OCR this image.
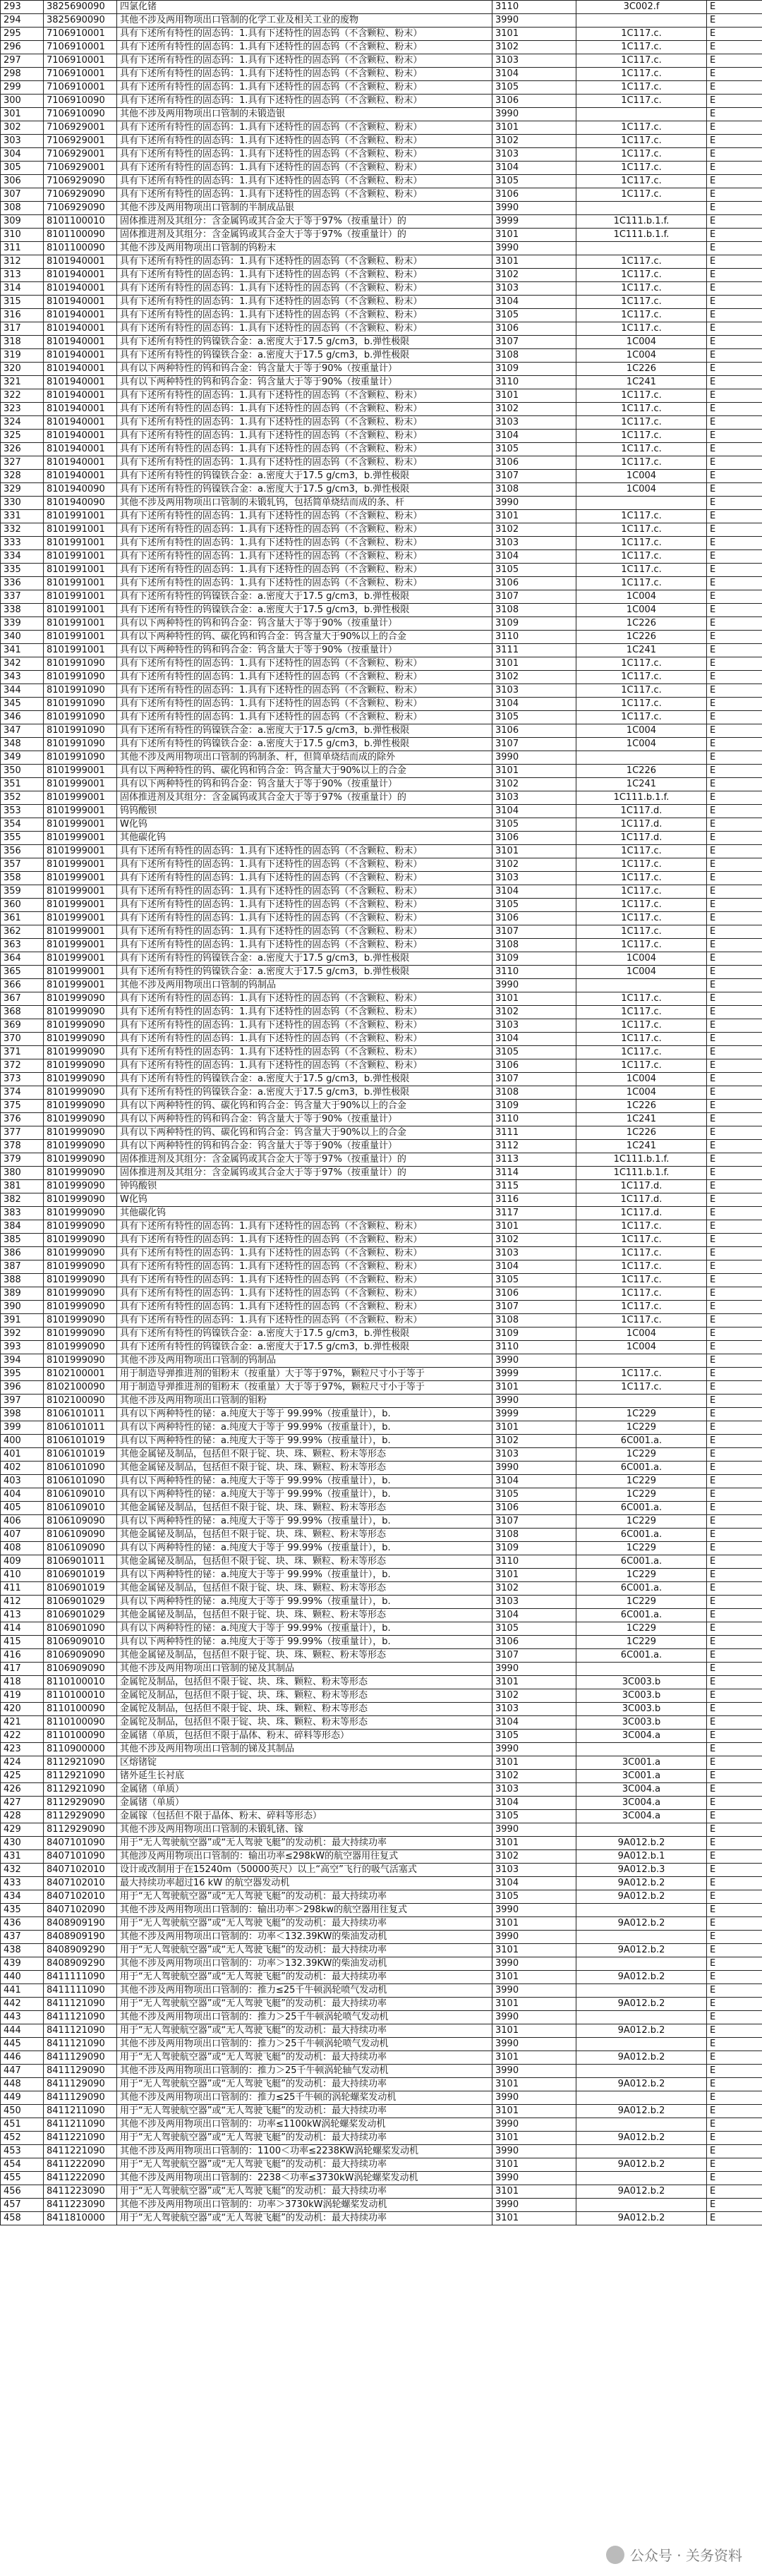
293	3825690090	四氯化锗	3110	3C002.f	E
294	3825690090	其他不涉及两用物项出口管制的化学工业及相关工业的废物	3990		E
295	7106910001	具有下述所有特性的固态钨：1.具有下述特性的固态钨（不含颗粒、粉末）	3101	1C117.c.	E
296	7106910001	具有下述所有特性的固态钨：1.具有下述特性的固态钨（不含颗粒、粉末）	3102	1C117.c.	E
297	7106910001	具有下述所有特性的固态钨：1.具有下述特性的固态钨（不含颗粒、粉末）	3103	1C117.c.	E
298	7106910001	具有下述所有特性的固态钨：1.具有下述特性的固态钨（不含颗粒、粉末）	3104	1C117.c.	E
299	7106910001	具有下述所有特性的固态钨：1.具有下述特性的固态钨（不含颗粒、粉末）	3105	1C117.c.	E
300	7106910090	具有下述所有特性的固态钨：1.具有下述特性的固态钨（不含颗粒、粉末）	3106	1C117.c.	E
301	7106910090	其他不涉及两用物项出口管制的未锻造银	3990		E
302	7106929001	具有下述所有特性的固态钨：1.具有下述特性的固态钨（不含颗粒、粉末）	3101	1C117.c.	E
303	7106929001	具有下述所有特性的固态钨：1.具有下述特性的固态钨（不含颗粒、粉末）	3102	1C117.c.	E
304	7106929001	具有下述所有特性的固态钨：1.具有下述特性的固态钨（不含颗粒、粉末）	3103	1C117.c.	E
305	7106929001	具有下述所有特性的固态钨：1.具有下述特性的固态钨（不含颗粒、粉末）	3104	1C117.c.	E
306	7106929090	具有下述所有特性的固态钨：1.具有下述特性的固态钨（不含颗粒、粉末）	3105	1C117.c.	E
307	7106929090	具有下述所有特性的固态钨：1.具有下述特性的固态钨（不含颗粒、粉末）	3106	1C117.c.	E
308	7106929090	其他不涉及两用物项出口管制的半制成品银	3990		E
309	8101100010	固体推进剂及其组分：含金属钨或其合金大于等于97%（按重量计）的	3999	1C111.b.1.f.	E
310	8101100090	固体推进剂及其组分：含金属钨或其合金大于等于97%（按重量计）的	3101	1C111.b.1.f.	E
311	8101100090	其他不涉及两用物项出口管制的钨粉末	3990		E
312	8101940001	具有下述所有特性的固态钨：1.具有下述特性的固态钨（不含颗粒、粉末）	3101	1C117.c.	E
313	8101940001	具有下述所有特性的固态钨：1.具有下述特性的固态钨（不含颗粒、粉末）	3102	1C117.c.	E
314	8101940001	具有下述所有特性的固态钨：1.具有下述特性的固态钨（不含颗粒、粉末）	3103	1C117.c.	E
315	8101940001	具有下述所有特性的固态钨：1.具有下述特性的固态钨（不含颗粒、粉末）	3104	1C117.c.	E
316	8101940001	具有下述所有特性的固态钨：1.具有下述特性的固态钨（不含颗粒、粉末）	3105	1C117.c.	E
317	8101940001	具有下述所有特性的固态钨：1.具有下述特性的固态钨（不含颗粒、粉末）	3106	1C117.c.	E
318	8101940001	具有下述所有特性的钨镍铁合金：a.密度大于17.5 g/cm3，b.弹性极限	3107	1C004	E
319	8101940001	具有下述所有特性的钨镍铁合金：a.密度大于17.5 g/cm3，b.弹性极限	3108	1C004	E
320	8101940001	具有以下两种特性的钨和钨合金：钨含量大于等于90%（按重量计）	3109	1C226	E
321	8101940001	具有以下两种特性的钨和钨合金：钨含量大于等于90%（按重量计）	3110	1C241	E
322	8101940001	具有下述所有特性的固态钨：1.具有下述特性的固态钨（不含颗粒、粉末）	3101	1C117.c.	E
323	8101940001	具有下述所有特性的固态钨：1.具有下述特性的固态钨（不含颗粒、粉末）	3102	1C117.c.	E
324	8101940001	具有下述所有特性的固态钨：1.具有下述特性的固态钨（不含颗粒、粉末）	3103	1C117.c.	E
325	8101940001	具有下述所有特性的固态钨：1.具有下述特性的固态钨（不含颗粒、粉末）	3104	1C117.c.	E
326	8101940001	具有下述所有特性的固态钨：1.具有下述特性的固态钨（不含颗粒、粉末）	3105	1C117.c.	E
327	8101940001	具有下述所有特性的固态钨：1.具有下述特性的固态钨（不含颗粒、粉末）	3106	1C117.c.	E
328	8101940001	具有下述所有特性的钨镍铁合金：a.密度大于17.5 g/cm3，b.弹性极限	3107	1C004	E
329	8101940090	具有下述所有特性的钨镍铁合金：a.密度大于17.5 g/cm3，b.弹性极限	3108	1C004	E
330	8101940090	其他不涉及两用物项出口管制的未锻轧钨，包括简单烧结而成的条、杆	3990		E
331	8101991001	具有下述所有特性的固态钨：1.具有下述特性的固态钨（不含颗粒、粉末）	3101	1C117.c.	E
332	8101991001	具有下述所有特性的固态钨：1.具有下述特性的固态钨（不含颗粒、粉末）	3102	1C117.c.	E
333	8101991001	具有下述所有特性的固态钨：1.具有下述特性的固态钨（不含颗粒、粉末）	3103	1C117.c.	E
334	8101991001	具有下述所有特性的固态钨：1.具有下述特性的固态钨（不含颗粒、粉末）	3104	1C117.c.	E
335	8101991001	具有下述所有特性的固态钨：1.具有下述特性的固态钨（不含颗粒、粉末）	3105	1C117.c.	E
336	8101991001	具有下述所有特性的固态钨：1.具有下述特性的固态钨（不含颗粒、粉末）	3106	1C117.c.	E
337	8101991001	具有下述所有特性的钨镍铁合金：a.密度大于17.5 g/cm3，b.弹性极限	3107	1C004	E
338	8101991001	具有下述所有特性的钨镍铁合金：a.密度大于17.5 g/cm3，b.弹性极限	3108	1C004	E
339	8101991001	具有以下两种特性的钨和钨合金：钨含量大于等于90%（按重量计）	3109	1C226	E
340	8101991001	具有以下两种特性的钨、碳化钨和钨合金：钨含量大于90%以上的合金	3110	1C226	E
341	8101991001	具有以下两种特性的钨和钨合金：钨含量大于等于90%（按重量计）	3111	1C241	E
342	8101991090	具有下述所有特性的固态钨：1.具有下述特性的固态钨（不含颗粒、粉末）	3101	1C117.c.	E
343	8101991090	具有下述所有特性的固态钨：1.具有下述特性的固态钨（不含颗粒、粉末）	3102	1C117.c.	E
344	8101991090	具有下述所有特性的固态钨：1.具有下述特性的固态钨（不含颗粒、粉末）	3103	1C117.c.	E
345	8101991090	具有下述所有特性的固态钨：1.具有下述特性的固态钨（不含颗粒、粉末）	3104	1C117.c.	E
346	8101991090	具有下述所有特性的固态钨：1.具有下述特性的固态钨（不含颗粒、粉末）	3105	1C117.c.	E
347	8101991090	具有下述所有特性的钨镍铁合金：a.密度大于17.5 g/cm3，b.弹性极限	3106	1C004	E
348	8101991090	具有下述所有特性的钨镍铁合金：a.密度大于17.5 g/cm3，b.弹性极限	3107	1C004	E
349	8101991090	其他不涉及两用物项出口管制的钨制条、杆，但简单烧结而成的除外	3990		E
350	8101999001	具有以下两种特性的钨、碳化钨和钨合金：钨含量大于90%以上的合金	3101	1C226	E
351	8101999001	具有以下两种特性的钨和钨合金：钨含量大于等于90%（按重量计）	3102	1C241	E
352	8101999001	固体推进剂及其组分：含金属钨或其合金大于等于97%（按重量计）的	3103	1C111.b.1.f.	E
353	8101999001	钨钨酸钡	3104	1C117.d.	E
354	8101999001	W化钨	3105	1C117.d.	E
355	8101999001	其他碳化钨	3106	1C117.d.	E
356	8101999001	具有下述所有特性的固态钨：1.具有下述特性的固态钨（不含颗粒、粉末）	3101	1C117.c.	E
357	8101999001	具有下述所有特性的固态钨：1.具有下述特性的固态钨（不含颗粒、粉末）	3102	1C117.c.	E
358	8101999001	具有下述所有特性的固态钨：1.具有下述特性的固态钨（不含颗粒、粉末）	3103	1C117.c.	E
359	8101999001	具有下述所有特性的固态钨：1.具有下述特性的固态钨（不含颗粒、粉末）	3104	1C117.c.	E
360	8101999001	具有下述所有特性的固态钨：1.具有下述特性的固态钨（不含颗粒、粉末）	3105	1C117.c.	E
361	8101999001	具有下述所有特性的固态钨：1.具有下述特性的固态钨（不含颗粒、粉末）	3106	1C117.c.	E
362	8101999001	具有下述所有特性的固态钨：1.具有下述特性的固态钨（不含颗粒、粉末）	3107	1C117.c.	E
363	8101999001	具有下述所有特性的固态钨：1.具有下述特性的固态钨（不含颗粒、粉末）	3108	1C117.c.	E
364	8101999001	具有下述所有特性的钨镍铁合金：a.密度大于17.5 g/cm3，b.弹性极限	3109	1C004	E
365	8101999001	具有下述所有特性的钨镍铁合金：a.密度大于17.5 g/cm3，b.弹性极限	3110	1C004	E
366	8101999001	其他不涉及两用物项出口管制的钨制品	3990		E
367	8101999090	具有下述所有特性的固态钨：1.具有下述特性的固态钨（不含颗粒、粉末）	3101	1C117.c.	E
368	8101999090	具有下述所有特性的固态钨：1.具有下述特性的固态钨（不含颗粒、粉末）	3102	1C117.c.	E
369	8101999090	具有下述所有特性的固态钨：1.具有下述特性的固态钨（不含颗粒、粉末）	3103	1C117.c.	E
370	8101999090	具有下述所有特性的固态钨：1.具有下述特性的固态钨（不含颗粒、粉末）	3104	1C117.c.	E
371	8101999090	具有下述所有特性的固态钨：1.具有下述特性的固态钨（不含颗粒、粉末）	3105	1C117.c.	E
372	8101999090	具有下述所有特性的固态钨：1.具有下述特性的固态钨（不含颗粒、粉末）	3106	1C117.c.	E
373	8101999090	具有下述所有特性的钨镍铁合金：a.密度大于17.5 g/cm3，b.弹性极限	3107	1C004	E
374	8101999090	具有下述所有特性的钨镍铁合金：a.密度大于17.5 g/cm3，b.弹性极限	3108	1C004	E
375	8101999090	具有以下两种特性的钨、碳化钨和钨合金：钨含量大于90%以上的合金	3109	1C226	E
376	8101999090	具有以下两种特性的钨和钨合金：钨含量大于等于90%（按重量计）	3110	1C241	E
377	8101999090	具有以下两种特性的钨、碳化钨和钨合金：钨含量大于90%以上的合金	3111	1C226	E
378	8101999090	具有以下两种特性的钨和钨合金：钨含量大于等于90%（按重量计）	3112	1C241	E
379	8101999090	固体推进剂及其组分：含金属钨或其合金大于等于97%（按重量计）的	3113	1C111.b.1.f.	E
380	8101999090	固体推进剂及其组分：含金属钨或其合金大于等于97%（按重量计）的	3114	1C111.b.1.f.	E
381	8101999090	钟钨酸钡	3115	1C117.d.	E
382	8101999090	W化钨	3116	1C117.d.	E
383	8101999090	其他碳化钨	3117	1C117.d.	E
384	8101999090	具有下述所有特性的固态钨：1.具有下述特性的固态钨（不含颗粒、粉末）	3101	1C117.c.	E
385	8101999090	具有下述所有特性的固态钨：1.具有下述特性的固态钨（不含颗粒、粉末）	3102	1C117.c.	E
386	8101999090	具有下述所有特性的固态钨：1.具有下述特性的固态钨（不含颗粒、粉末）	3103	1C117.c.	E
387	8101999090	具有下述所有特性的固态钨：1.具有下述特性的固态钨（不含颗粒、粉末）	3104	1C117.c.	E
388	8101999090	具有下述所有特性的固态钨：1.具有下述特性的固态钨（不含颗粒、粉末）	3105	1C117.c.	E
389	8101999090	具有下述所有特性的固态钨：1.具有下述特性的固态钨（不含颗粒、粉末）	3106	1C117.c.	E
390	8101999090	具有下述所有特性的固态钨：1.具有下述特性的固态钨（不含颗粒、粉末）	3107	1C117.c.	E
391	8101999090	具有下述所有特性的固态钨：1.具有下述特性的固态钨（不含颗粒、粉末）	3108	1C117.c.	E
392	8101999090	具有下述所有特性的钨镍铁合金：a.密度大于17.5 g/cm3，b.弹性极限	3109	1C004	E
393	8101999090	具有下述所有特性的钨镍铁合金：a.密度大于17.5 g/cm3，b.弹性极限	3110	1C004	E
394	8101999090	其他不涉及两用物项出口管制的钨制品	3990		E
395	8102100001	用于制造导弹推进剂的钼粉末（按重量）大于等于97%，颗粒尺寸小于等于	3999	1C117.c.	E
396	8102100090	用于制造导弹推进剂的钼粉末（按重量）大于等于97%，颗粒尺寸小于等于	3101	1C117.c.	E
397	8102100090	其他不涉及两用物项出口管制的钼粉	3990		E
398	8106101011	具有以下两种特性的铋：a.纯度大于等于 99.99%（按重量计），b.	3999	1C229	E
399	8106101011	具有以下两种特性的铋：a.纯度大于等于 99.99%（按重量计），b.	3101	1C229	E
400	8106101019	具有以下两种特性的铋：a.纯度大于等于 99.99%（按重量计），b.	3102	6C001.a.	E
401	8106101019	其他金属铋及制品，包括但不限于锭、块、珠、颗粒、粉末等形态	3103	1C229	E
402	8106101090	其他金属铋及制品，包括但不限于锭、块、珠、颗粒、粉末等形态	3990	6C001.a.	E
403	8106101090	具有以下两种特性的铋：a.纯度大于等于 99.99%（按重量计），b.	3104	1C229	E
404	8106109010	具有以下两种特性的铋：a.纯度大于等于 99.99%（按重量计），b.	3105	1C229	E
405	8106109010	其他金属铋及制品，包括但不限于锭、块、珠、颗粒、粉末等形态	3106	6C001.a.	E
406	8106109090	具有以下两种特性的铋：a.纯度大于等于 99.99%（按重量计），b.	3107	1C229	E
407	8106109090	其他金属铋及制品，包括但不限于锭、块、珠、颗粒、粉末等形态	3108	6C001.a.	E
408	8106109090	具有以下两种特性的铋：a.纯度大于等于 99.99%（按重量计），b.	3109	1C229	E
409	8106901011	其他金属铋及制品，包括但不限于锭、块、珠、颗粒、粉末等形态	3110	6C001.a.	E
410	8106901019	具有以下两种特性的铋：a.纯度大于等于 99.99%（按重量计），b.	3101	1C229	E
411	8106901019	其他金属铋及制品，包括但不限于锭、块、珠、颗粒、粉末等形态	3102	6C001.a.	E
412	8106901029	具有以下两种特性的铋：a.纯度大于等于 99.99%（按重量计），b.	3103	1C229	E
413	8106901029	其他金属铋及制品，包括但不限于锭、块、珠、颗粒、粉末等形态	3104	6C001.a.	E
414	8106901090	具有以下两种特性的铋：a.纯度大于等于 99.99%（按重量计），b.	3105	1C229	E
415	8106909010	具有以下两种特性的铋：a.纯度大于等于 99.99%（按重量计），b.	3106	1C229	E
416	8106909090	其他金属铋及制品，包括但不限于锭、块、珠、颗粒、粉末等形态	3107	6C001.a.	E
417	8106909090	其他不涉及两用物项出口管制的铋及其制品	3990		E
418	8110100010	金属铊及制品，包括但不限于锭、块、珠、颗粒、粉末等形态	3101	3C003.b	E
419	8110100010	金属铊及制品，包括但不限于锭、块、珠、颗粒、粉末等形态	3102	3C003.b	E
420	8110100090	金属铊及制品，包括但不限于锭、块、珠、颗粒、粉末等形态	3103	3C003.b	E
421	8110100090	金属铊及制品，包括但不限于锭、块、珠、颗粒、粉末等形态	3104	3C003.b	E
422	8110100090	金属锗（单质，包括但不限于晶体、粉末、碎料等形态）	3105	3C004.a	E
423	8110900000	其他不涉及两用物项出口管制的锑及其制品	3990		E
424	8112921090	区熔锗锭	3101	3C001.a	E
425	8112921090	锗外延生长衬底	3102	3C001.a	E
426	8112921090	金属锗（单质）	3103	3C004.a	E
427	8112929090	金属锗（单质）	3104	3C004.a	E
428	8112929090	金属镓（包括但不限于晶体、粉末、碎料等形态）	3105	3C004.a	E
429	8112929090	其他不涉及两用物项出口管制的未锻轧锗、镓	3990		E
430	8407101090	用于“无人驾驶航空器”或“无人驾驶飞艇”的发动机：最大持续功率	3101	9A012.b.2	E
431	8407101090	其他涉及两用物项出口管制的：输出功率≤298kW的航空器用往复式	3102	9A012.b.1	E
432	8407102010	设计或改制用于在15240m（50000英尺）以上“高空”飞行的吸气活塞式	3103	9A012.b.3	E
433	8407102010	最大持续功率超过16 kW 的航空器发动机	3104	9A012.b.2	E
434	8407102010	用于“无人驾驶航空器”或“无人驾驶飞艇”的发动机：最大持续功率	3105	9A012.b.2	E
435	8407102090	其他不涉及两用物项出口管制的：输出功率＞298kw的航空器用往复式	3990		E
436	8408909190	用于“无人驾驶航空器”或“无人驾驶飞艇”的发动机：最大持续功率	3101	9A012.b.2	E
437	8408909190	其他不涉及两用物项出口管制的：功率＜132.39KW的柴油发动机	3990		E
438	8408909290	用于“无人驾驶航空器”或“无人驾驶飞艇”的发动机：最大持续功率	3101	9A012.b.2	E
439	8408909290	其他不涉及两用物项出口管制的：功率＞132.39KW的柴油发动机	3990		E
440	8411111090	用于“无人驾驶航空器”或“无人驾驶飞艇”的发动机：最大持续功率	3101	9A012.b.2	E
441	8411111090	其他不涉及两用物项出口管制的：推力≤25千牛顿涡轮喷气发动机	3990		E
442	8411121090	用于“无人驾驶航空器”或“无人驾驶飞艇”的发动机：最大持续功率	3101	9A012.b.2	E
443	8411121090	其他不涉及两用物项出口管制的：推力＞25千牛顿涡轮喷气发动机	3990		E
444	8411121090	用于“无人驾驶航空器”或“无人驾驶飞艇”的发动机：最大持续功率	3101	9A012.b.2	E
445	8411121090	其他不涉及两用物项出口管制的：推力＞25千牛顿涡轮喷气发动机	3990		E
446	8411129090	用于“无人驾驶航空器”或“无人驾驶飞艇”的发动机：最大持续功率	3101	9A012.b.2	E
447	8411129090	其他不涉及两用物项出口管制的：推力＞25千牛顿涡轮轴气发动机	3990		E
448	8411129090	用于“无人驾驶航空器”或“无人驾驶飞艇”的发动机：最大持续功率	3101	9A012.b.2	E
449	8411129090	其他不涉及两用物项出口管制的：推力≤25千牛顿的涡轮螺桨发动机	3990		E
450	8411211090	用于“无人驾驶航空器”或“无人驾驶飞艇”的发动机：最大持续功率	3101	9A012.b.2	E
451	8411211090	其他不涉及两用物项出口管制的：功率≤1100kW涡轮螺桨发动机	3990		E
452	8411221090	用于“无人驾驶航空器”或“无人驾驶飞艇”的发动机：最大持续功率	3101	9A012.b.2	E
453	8411221090	其他不涉及两用物项出口管制的：1100＜功率≤2238KW涡轮螺桨发动机	3990		E
454	8411222090	用于“无人驾驶航空器”或“无人驾驶飞艇”的发动机：最大持续功率	3101	9A012.b.2	E
455	8411222090	其他不涉及两用物项出口管制的：2238＜功率≤3730kW涡轮螺桨发动机	3990		E
456	8411223090	用于“无人驾驶航空器”或“无人驾驶飞艇”的发动机：最大持续功率	3101	9A012.b.2	E
457	8411223090	其他不涉及两用物项出口管制的：功率＞3730kW涡轮螺桨发动机	3990		E
458	8411810000	用于“无人驾驶航空器”或“无人驾驶飞艇”的发动机：最大持续功率	3101	9A012.b.2	E
公众号 · 关务资料
